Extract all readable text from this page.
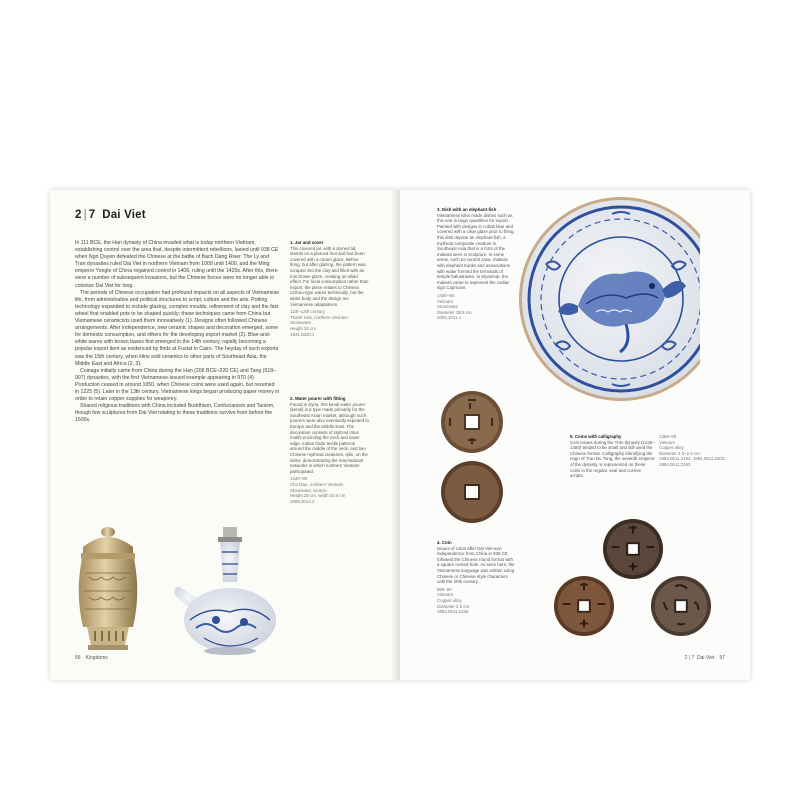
2 | 7 Dai Viet

In 111 BCE, the Han dynasty of China invaded what is today northern Vietnam, establishing control over the area that, despite intermittent rebellions, lasted until 938 CE when Ngo Quyen defeated the Chinese at the battle of Bach Dang River. The Ly and Tran dynasties ruled Dai Viet in northern Vietnam from 1009 until 1400, and the Ming emperor Yongle of China regained control in 1406, ruling until the 1420s. After this, there were a number of subsequent invasions, but the Chinese forces were no longer able to colonize Dai Viet for long.

The periods of Chinese occupation had profound impacts on all aspects of Vietnamese life, from administrative and political structures to script, culture and the arts. Potting technology expanded to include glazing, complex moulds, refinement of clay and the fast wheel that enabled pots to be shaped quickly; these techniques came from China but Vietnamese ceramicists used them innovatively (1). Designs often followed Chinese arrangements. After independence, new ceramic shapes and decoration emerged, some for domestic consumption, and others for the developing export market (2). Blue-and-white wares with brown bases first emerged in the 14th century, rapidly becoming a popular export item as evidenced by finds at Fustat in Cairo. The heyday of such exports was the 15th century, when kilns sold ceramics to other parts of Southeast Asia, the Middle East and Africa (2, 3).

Coinage initially came from China during the Han (206 BCE–220 CE) and Tang (618–907) dynasties, with the first Vietnamese-issued example appearing in 970 (4). Production ceased in around 1050, when Chinese coins were used again, but resumed in 1225 (5). Later in the 13th century, Vietnamese kings began producing paper money in order to retain copper supplies for weaponry.

Shared religious traditions with China included Buddhism, Confucianism and Taoism, though few sculptures from Dai Viet relating to these traditions survive from before the 1500s.

1. Jar and cover
This covered jar, with a domed lid, stands on a pierced foot and has been covered with a cream glaze. Before firing, but after glazing, the pattern was scraped into the clay and filled with an iron brown glaze, creating an inlaid effect. For local consumption rather than export, the piece relates to Chinese Cizhou-type wares technically, but the wider body and the design are Vietnamese adaptations.
11th–12th century
Thanh Hoá, northern Vietnam
Stoneware
Height 26 cm
1931,0320.1
2. Water pourer with fitting
Found in Syria, this kendi water pourer (kendi) is a type made primarily for the Southeast Asian market, although such pourers were also eventually exported to Europe and the Middle East. The decoration consists of stylized lotus motifs encircling the neck and lower edge, Indian trade textile patterns around the middle of the neck, and two Chinese mythical creatures, qilin, on the sides, demonstrating the international networks in which northern Vietnam participated.
1440–80
Chu Dau, northern Vietnam
Stoneware, bronze
Height 28 cm, width 20.4 cm
2006,3014.2
56 Kingdoms
3. Dish with an elephant-fish
Vietnamese kilns made dishes such as this one in large quantities for export. Painted with designs in cobalt blue and covered with a clear glaze prior to firing, this dish depicts an elephant-fish, a mythical composite creature in Southeast Asia that is a form of the makara seen in sculpture. In some areas, such as central Java, makara with elephant trunks and associations with water formed the terminals of temple balustrades. In Myanmar, the makara came to represent the zodiac sign Capricorn.
1430–80
Vietnam
Stoneware
Diameter 38.5 cm
2002,1011.1
4. Coin
Issues of coins after Dai Viet won independence from China in 938 CE followed the Chinese round format with a square central hole. As seen here, the Vietnamese language was written using Chinese or Chinese-style characters until the 20th century.
968–80
Vietnam
Copper alloy
Diameter 2.5 cm
1884,0511.2166
5. Coins with calligraphy
Coin issues during the Tran dynasty (1225–1400) tended to be small and still used the Chinese format. Calligraphy identifying the reign of Tran Du Tong, the seventh emperor of the dynasty, is represented on these coins in the regular, seal and cursive scripts.
1358–69
Vietnam
Copper alloy
Diameter 2.3–2.4 cm
1884,0511.2194, 1884,0511.2203,
1884,0511.2193
2 | 7 Dai Viet 57
